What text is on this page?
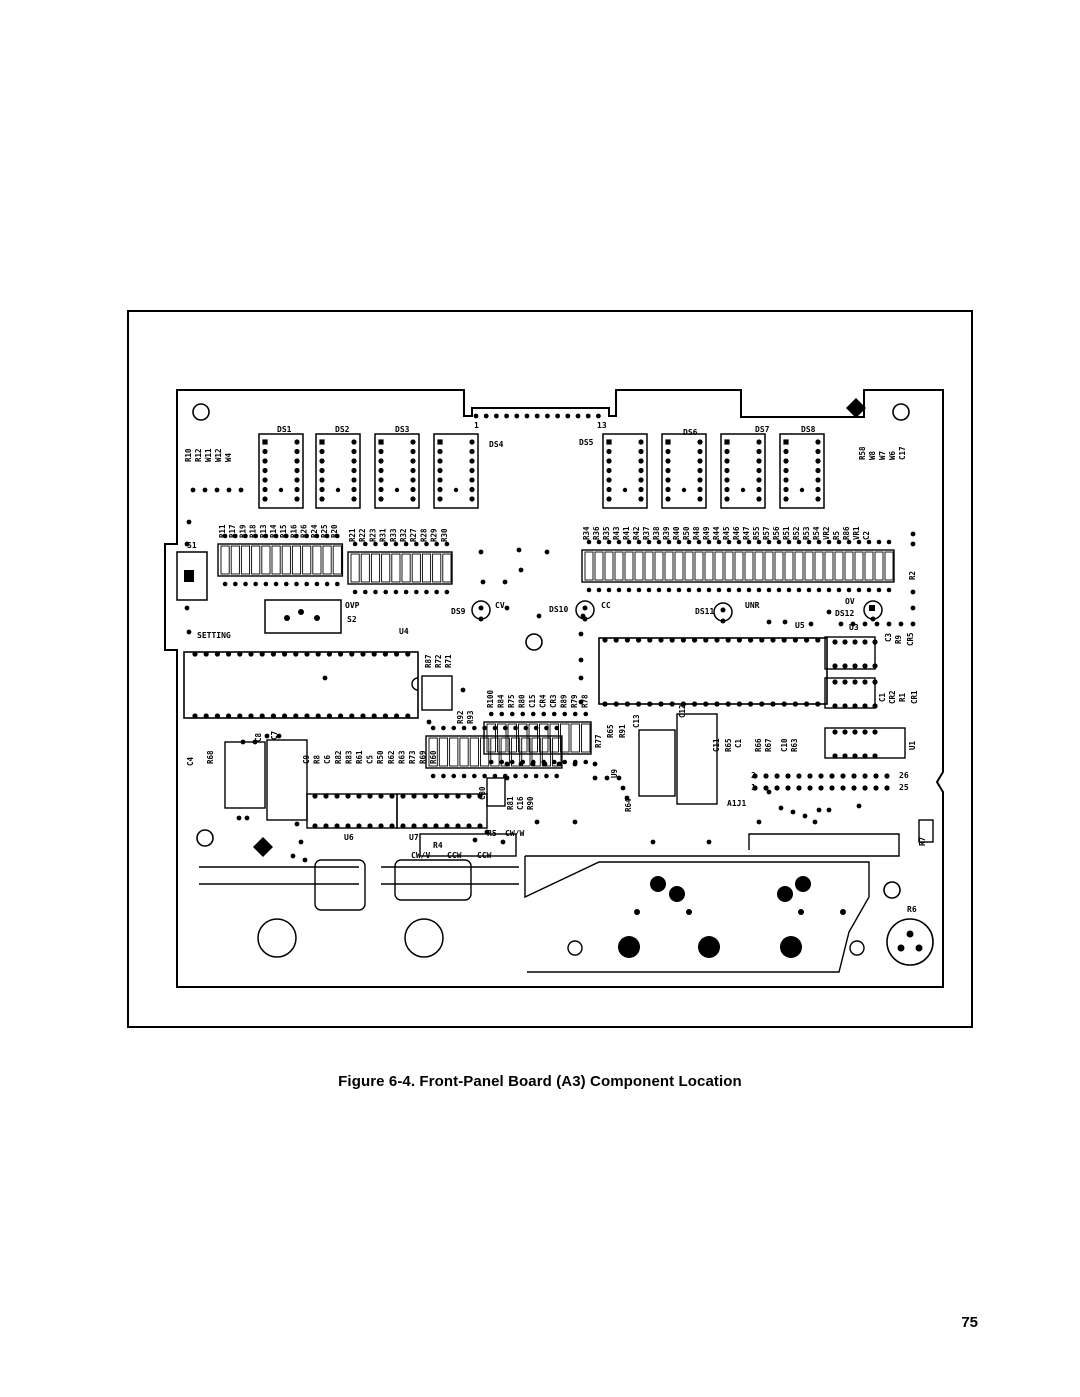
DS1	DS2	DS3
DS4	DS5
DS6	DS7	DS8
1	13
R10 R12 W11 W12 W4
R11 R17 R19 R18 R13 R14 R15 R16 R26 R24 R25 R20 R21 R22 R23 R31 R33 R32 R27 R28 R29 R30	R34 R36 R35 R43 R41 R42 R37 R38 R39 R40 R50 R48 R49 R44 R45 R46 R47 R55 R57 R56 R51 R52 R53 R54 VR2 R5 R86 VR1 C2
R58 W8 W7 W6 C17
S1
OVP
S2
SETTING
DS9
CV	DS10	CC
DS11
UNR
DS12
OV
U4
U5	U3
R2
R87 R72 R71
R92 R93
C4 R68
C8 C7
C9 R8 C6 R82 R83 R61 C5 R50 R62 R63 R73 R69 R60
U6	U7
R4
R5 CW/W
CW/V CCW CCW
R100 R84 R75 R80 C15 CR4 CR3 R89 R79 R78
C80
R81 C16 R90
U9
R77
R65 R91
C13
R64
C12
C11 R65 C1 R66 R67 C10 R63
R6
R7
U1
A1J1
2
1
26
25
C3 R9 CR5
C1 CR2 R1 CR1
Figure 6-4. Front-Panel Board (A3) Component Location
75
